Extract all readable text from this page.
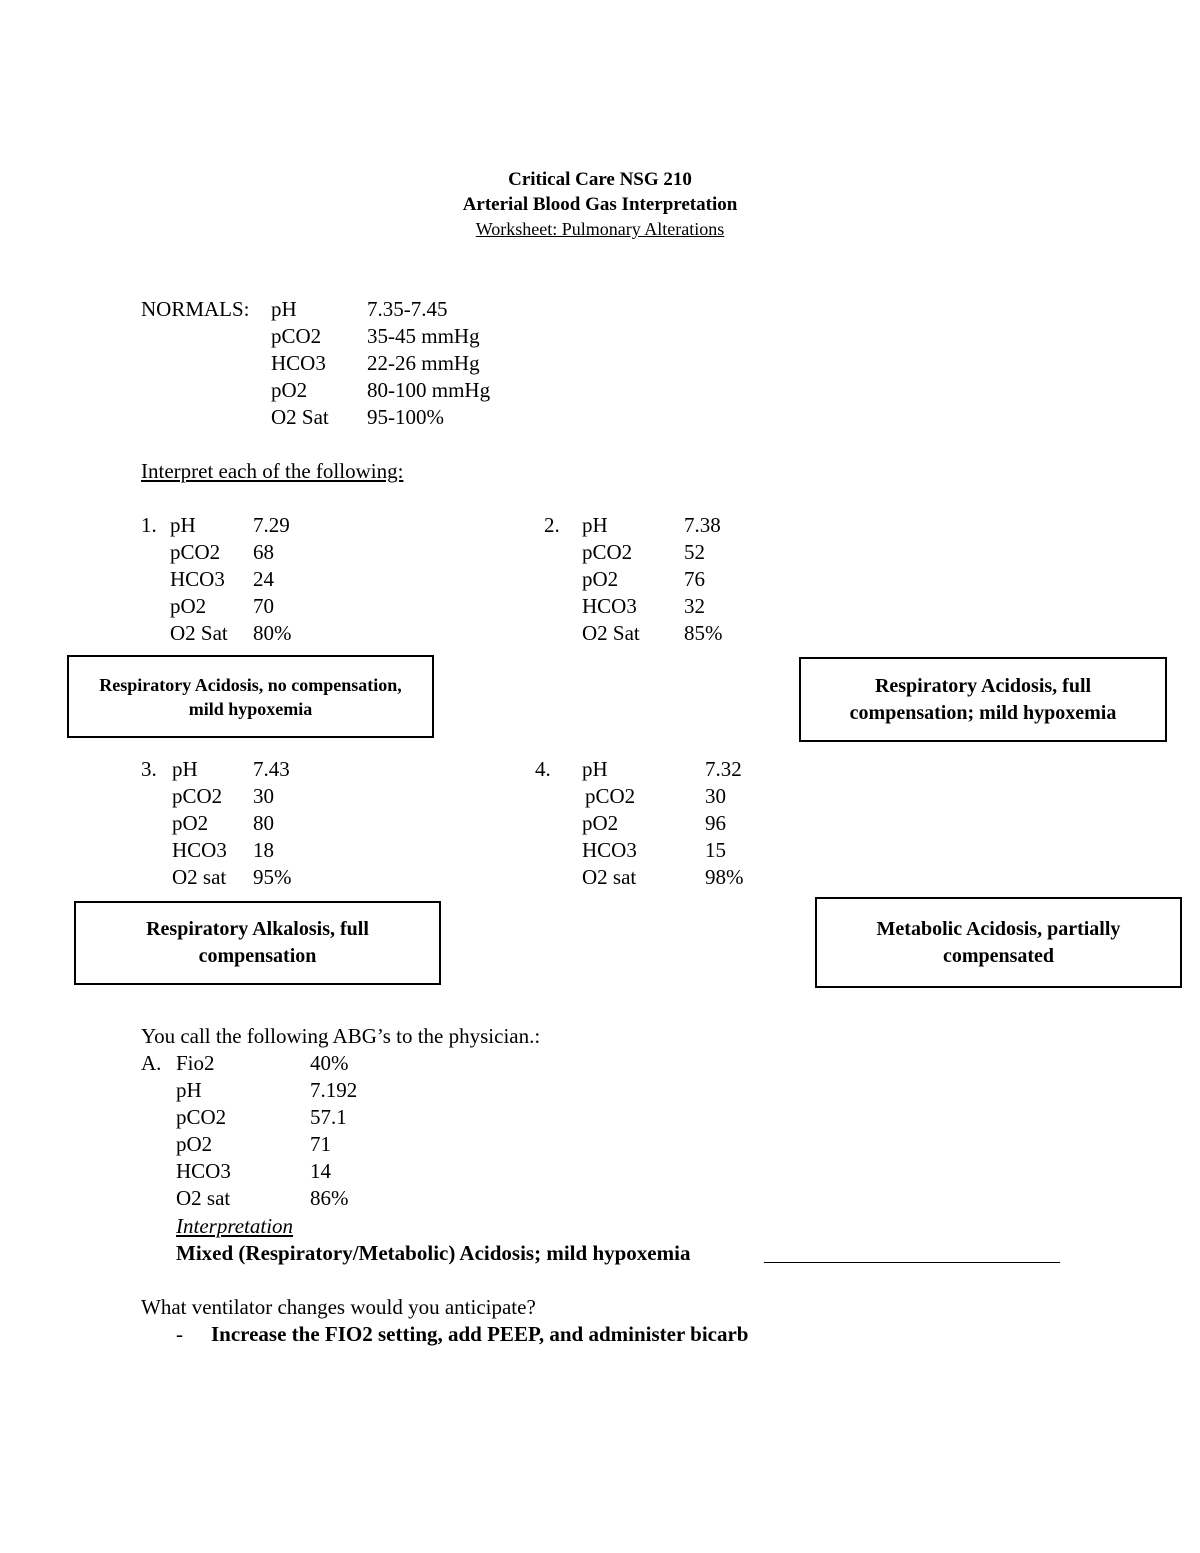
Critical Care NSG 210
Arterial Blood Gas Interpretation
Worksheet: Pulmonary Alterations
NORMALS: pH	7.35-7.45
pCO2 35-45 mmHg
HCO3 22-26 mmHg
pO2	80-100 mmHg
O2 Sat 95-100%
Interpret each of the following:
1. pH	7.29
pCO2 68
HCO3 24
pO2 70
O2 Sat 80%
Respiratory Acidosis, no compensation, mild hypoxemia
2. pH	7.38
pCO2 52
pO2	76
HCO3 32
O2 Sat 85%
Respiratory Acidosis, full compensation; mild hypoxemia
3. pH	7.43
pCO2 30
pO2 80
HCO3 18
O2 sat 95%
Respiratory Alkalosis, full compensation
4. pH	7.32
pCO2	30
pO2	96
HCO3	15
O2 sat	98%
Metabolic Acidosis, partially compensated
You call the following ABG’s to the physician.:
A. Fio2	40%
pH	7.192
pCO2	57.1
pO2	71
HCO3	14
O2 sat	86%
Interpretation
Mixed (Respiratory/Metabolic) Acidosis; mild hypoxemia
What ventilator changes would you anticipate?
- Increase the FIO2 setting, add PEEP, and administer bicarb
